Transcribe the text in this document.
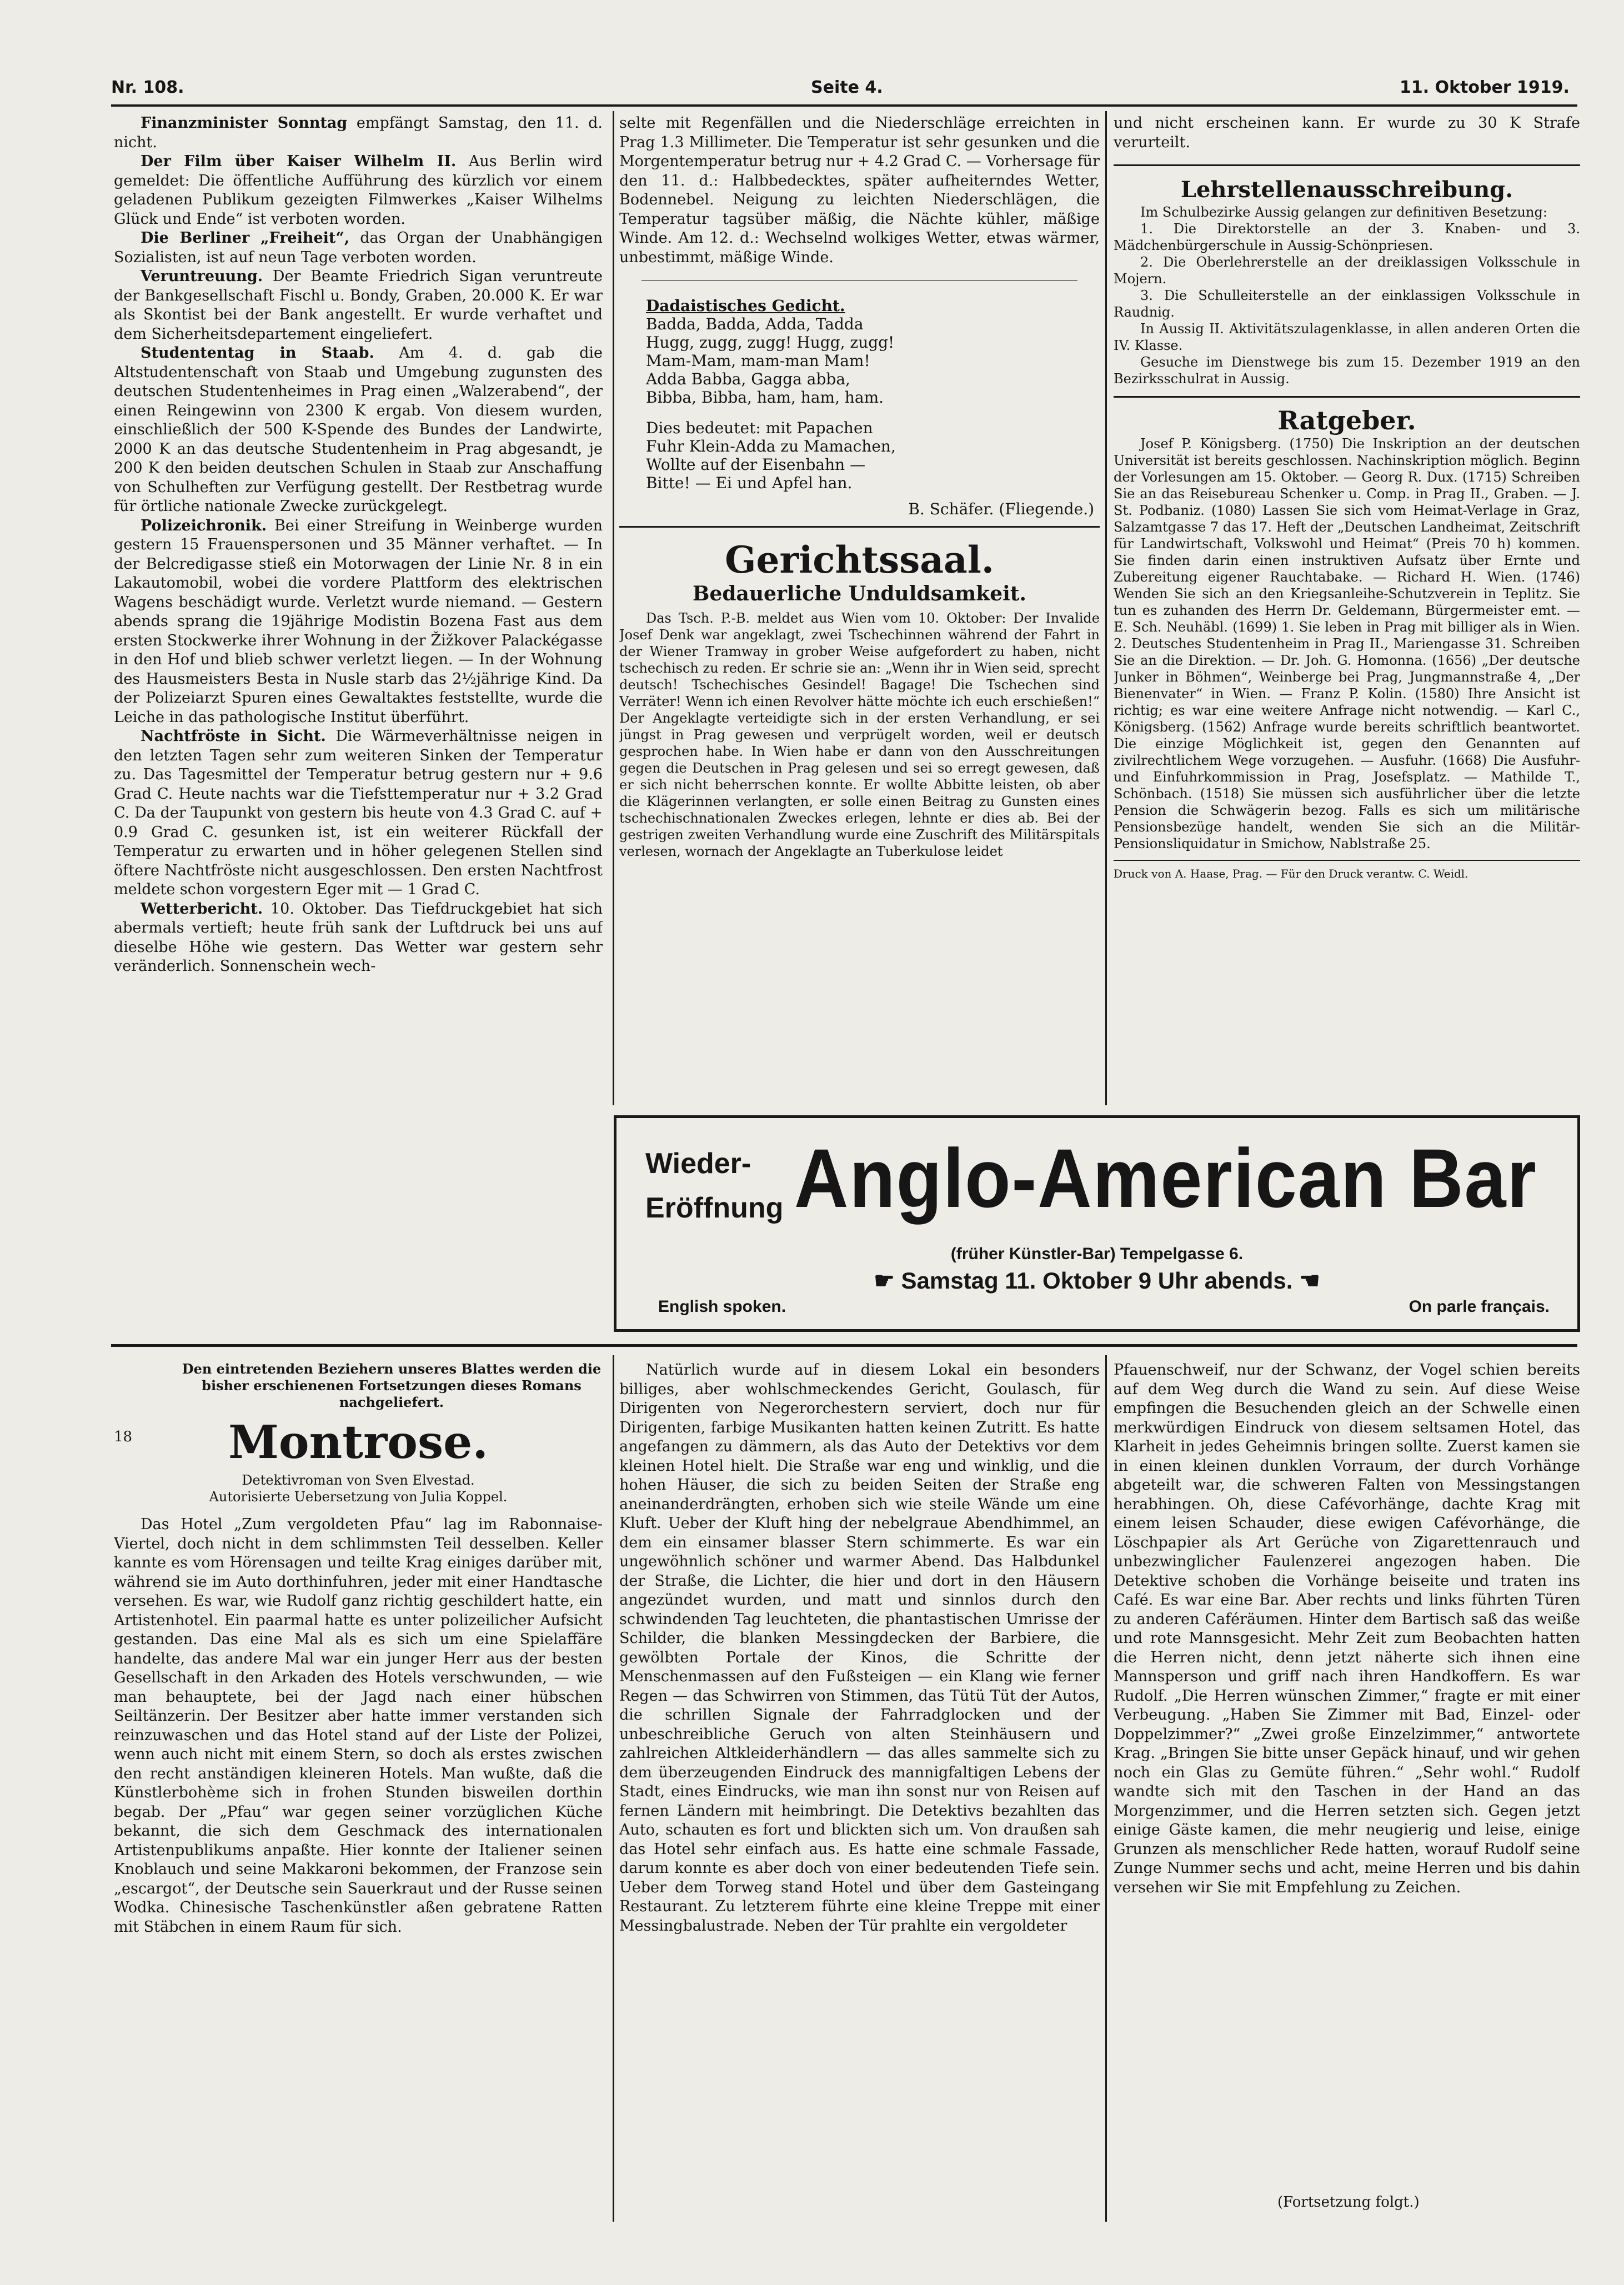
Nr. 108.	Seite 4.	11. Oktober 1919.

Finanzminister Sonntag empfängt Samstag, den 11. d. nicht.

Der Film über Kaiser Wilhelm II. Aus Berlin wird gemeldet: Die öffentliche Aufführung des kürzlich vor einem geladenen Publikum gezeigten Filmwerkes „Kaiser Wilhelms Glück und Ende“ ist verboten worden.

Die Berliner „Freiheit“, das Organ der Unabhängigen Sozialisten, ist auf neun Tage verboten worden.

Veruntreuung. Der Beamte Friedrich Sigan veruntreute der Bankgesellschaft Fischl u. Bondy, Graben, 20.000 K. Er war als Skontist bei der Bank angestellt. Er wurde verhaftet und dem Sicherheitsdepartement eingeliefert.

Studententag in Staab. Am 4. d. gab die Altstudentenschaft von Staab und Umgebung zugunsten des deutschen Studentenheimes in Prag einen „Walzerabend“, der einen Reingewinn von 2300 K ergab. Von diesem wurden, einschließlich der 500 K-Spende des Bundes der Landwirte, 2000 K an das deutsche Studentenheim in Prag abgesandt, je 200 K den beiden deutschen Schulen in Staab zur Anschaffung von Schulheften zur Verfügung gestellt. Der Restbetrag wurde für örtliche nationale Zwecke zurückgelegt.

Polizeichronik. Bei einer Streifung in Weinberge wurden gestern 15 Frauenspersonen und 35 Männer verhaftet. — In der Belcredigasse stieß ein Motorwagen der Linie Nr. 8 in ein Lakautomobil, wobei die vordere Plattform des elektrischen Wagens beschädigt wurde. Verletzt wurde niemand. — Gestern abends sprang die 19jährige Modistin Bozena Fast aus dem ersten Stockwerke ihrer Wohnung in der Žižkover Palackégasse in den Hof und blieb schwer verletzt liegen. — In der Wohnung des Hausmeisters Besta in Nusle starb das 2½jährige Kind. Da der Polizeiarzt Spuren eines Gewaltaktes feststellte, wurde die Leiche in das pathologische Institut überführt.

Nachtfröste in Sicht. Die Wärmeverhältnisse neigen in den letzten Tagen sehr zum weiteren Sinken der Temperatur zu. Das Tagesmittel der Temperatur betrug gestern nur + 9.6 Grad C. Heute nachts war die Tiefsttemperatur nur + 3.2 Grad C. Da der Taupunkt von gestern bis heute von 4.3 Grad C. auf + 0.9 Grad C. gesunken ist, ist ein weiterer Rückfall der Temperatur zu erwarten und in höher gelegenen Stellen sind öftere Nachtfröste nicht ausgeschlossen. Den ersten Nachtfrost meldete schon vorgestern Eger mit — 1 Grad C.

Wetterbericht. 10. Oktober. Das Tiefdruckgebiet hat sich abermals vertieft; heute früh sank der Luftdruck bei uns auf dieselbe Höhe wie gestern. Das Wetter war gestern sehr veränderlich. Sonnenschein wech-

selte mit Regenfällen und die Niederschläge erreichten in Prag 1.3 Millimeter. Die Temperatur ist sehr gesunken und die Morgentemperatur betrug nur + 4.2 Grad C. — Vorhersage für den 11. d.: Halbbedecktes, später aufheiterndes Wetter, Bodennebel. Neigung zu leichten Niederschlägen, die Temperatur tagsüber mäßig, die Nächte kühler, mäßige Winde. Am 12. d.: Wechselnd wolkiges Wetter, etwas wärmer, unbestimmt, mäßige Winde.

Dadaistisches Gedicht.

Badda, Badda, Adda, Tadda

Hugg, zugg, zugg! Hugg, zugg!

Mam-Mam, mam-man Mam!

Adda Babba, Gagga abba,

Bibba, Bibba, ham, ham, ham.

Dies bedeutet: mit Papachen

Fuhr Klein-Adda zu Mamachen,

Wollte auf der Eisenbahn —

Bitte! — Ei und Apfel han.

B. Schäfer. (Fliegende.)

Gerichtssaal.

Bedauerliche Unduldsamkeit.

Das Tsch. P.-B. meldet aus Wien vom 10. Oktober: Der Invalide Josef Denk war angeklagt, zwei Tschechinnen während der Fahrt in der Wiener Tramway in grober Weise aufgefordert zu haben, nicht tschechisch zu reden. Er schrie sie an: „Wenn ihr in Wien seid, sprecht deutsch! Tschechisches Gesindel! Bagage! Die Tschechen sind Verräter! Wenn ich einen Revolver hätte möchte ich euch erschießen!“ Der Angeklagte verteidigte sich in der ersten Verhandlung, er sei jüngst in Prag gewesen und verprügelt worden, weil er deutsch gesprochen habe. In Wien habe er dann von den Ausschreitungen gegen die Deutschen in Prag gelesen und sei so erregt gewesen, daß er sich nicht beherrschen konnte. Er wollte Abbitte leisten, ob aber die Klägerinnen verlangten, er solle einen Beitrag zu Gunsten eines tschechischnationalen Zweckes erlegen, lehnte er dies ab. Bei der gestrigen zweiten Verhandlung wurde eine Zuschrift des Militärspitals verlesen, wornach der Angeklagte an Tuberkulose leidet

und nicht erscheinen kann. Er wurde zu 30 K Strafe verurteilt.

Lehrstellenausschreibung.

Im Schulbezirke Aussig gelangen zur definitiven Besetzung:

1. Die Direktorstelle an der 3. Knaben- und 3. Mädchenbürgerschule in Aussig-Schönpriesen.

2. Die Oberlehrerstelle an der dreiklassigen Volksschule in Mojern.

3. Die Schulleiterstelle an der einklassigen Volksschule in Raudnig.

In Aussig II. Aktivitätszulagenklasse, in allen anderen Orten die IV. Klasse.

Gesuche im Dienstwege bis zum 15. Dezember 1919 an den Bezirksschulrat in Aussig.

Ratgeber.

Josef P. Königsberg. (1750) Die Inskription an der deutschen Universität ist bereits geschlossen. Nachinskription möglich. Beginn der Vorlesungen am 15. Oktober. — Georg R. Dux. (1715) Schreiben Sie an das Reisebureau Schenker u. Comp. in Prag II., Graben. — J. St. Podbaniz. (1080) Lassen Sie sich vom Heimat-Verlage in Graz, Salzamtgasse 7 das 17. Heft der „Deutschen Landheimat, Zeitschrift für Landwirtschaft, Volkswohl und Heimat“ (Preis 70 h) kommen. Sie finden darin einen instruktiven Aufsatz über Ernte und Zubereitung eigener Rauchtabake. — Richard H. Wien. (1746) Wenden Sie sich an den Kriegsanleihe-Schutzverein in Teplitz. Sie tun es zuhanden des Herrn Dr. Geldemann, Bürgermeister emt. — E. Sch. Neuhäbl. (1699) 1. Sie leben in Prag mit billiger als in Wien. 2. Deutsches Studentenheim in Prag II., Mariengasse 31. Schreiben Sie an die Direktion. — Dr. Joh. G. Homonna. (1656) „Der deutsche Junker in Böhmen“, Weinberge bei Prag, Jungmannstraße 4, „Der Bienenvater“ in Wien. — Franz P. Kolin. (1580) Ihre Ansicht ist richtig; es war eine weitere Anfrage nicht notwendig. — Karl C., Königsberg. (1562) Anfrage wurde bereits schriftlich beantwortet. Die einzige Möglichkeit ist, gegen den Genannten auf zivilrechtlichem Wege vorzugehen. — Ausfuhr. (1668) Die Ausfuhr- und Einfuhrkommission in Prag, Josefsplatz. — Mathilde T., Schönbach. (1518) Sie müssen sich ausführlicher über die letzte Pension die Schwägerin bezog. Falls es sich um militärische Pensionsbezüge handelt, wenden Sie sich an die Militär-Pensionsliquidatur in Smichow, Nablstraße 25.

Druck von A. Haase, Prag. — Für den Druck verantw. C. Weidl.

Wieder-
Eröffnung Anglo-American Bar
(früher Künstler-Bar) Tempelgasse 6.
☛ Samstag 11. Oktober 9 Uhr abends. ☚
English spoken.	On parle français.

Den eintretenden Beziehern unseres Blattes werden die bisher erschienenen Fortsetzungen dieses Romans nachgeliefert.

18	Montrose.

Detektivroman von Sven Elvestad.

Autorisierte Uebersetzung von Julia Koppel.

Das Hotel „Zum vergoldeten Pfau“ lag im Rabonnaise-Viertel, doch nicht in dem schlimmsten Teil desselben. Keller kannte es vom Hörensagen und teilte Krag einiges darüber mit, während sie im Auto dorthinfuhren, jeder mit einer Handtasche versehen. Es war, wie Rudolf ganz richtig geschildert hatte, ein Artistenhotel. Ein paarmal hatte es unter polizeilicher Aufsicht gestanden. Das eine Mal als es sich um eine Spielaffäre handelte, das andere Mal war ein junger Herr aus der besten Gesellschaft in den Arkaden des Hotels verschwunden, — wie man behauptete, bei der Jagd nach einer hübschen Seiltänzerin. Der Besitzer aber hatte immer verstanden sich reinzuwaschen und das Hotel stand auf der Liste der Polizei, wenn auch nicht mit einem Stern, so doch als erstes zwischen den recht anständigen kleineren Hotels. Man wußte, daß die Künstlerbohème sich in frohen Stunden bisweilen dorthin begab. Der „Pfau“ war gegen seiner vorzüglichen Küche bekannt, die sich dem Geschmack des internationalen Artistenpublikums anpaßte. Hier konnte der Italiener seinen Knoblauch und seine Makkaroni bekommen, der Franzose sein „escargot“, der Deutsche sein Sauerkraut und der Russe seinen Wodka. Chinesische Taschenkünstler aßen gebratene Ratten mit Stäbchen in einem Raum für sich.

Natürlich wurde auf in diesem Lokal ein besonders billiges, aber wohlschmeckendes Gericht, Goulasch, für Dirigenten von Negerorchestern serviert, doch nur für Dirigenten, farbige Musikanten hatten keinen Zutritt. Es hatte angefangen zu dämmern, als das Auto der Detektivs vor dem kleinen Hotel hielt. Die Straße war eng und winklig, und die hohen Häuser, die sich zu beiden Seiten der Straße eng aneinanderdrängten, erhoben sich wie steile Wände um eine Kluft. Ueber der Kluft hing der nebelgraue Abendhimmel, an dem ein einsamer blasser Stern schimmerte. Es war ein ungewöhnlich schöner und warmer Abend. Das Halbdunkel der Straße, die Lichter, die hier und dort in den Häusern angezündet wurden, und matt und sinnlos durch den schwindenden Tag leuchteten, die phantastischen Umrisse der Schilder, die blanken Messingdecken der Barbiere, die gewölbten Portale der Kinos, die Schritte der Menschenmassen auf den Fußsteigen — ein Klang wie ferner Regen — das Schwirren von Stimmen, das Tütü Tüt der Autos, die schrillen Signale der Fahrradglocken und der unbeschreibliche Geruch von alten Steinhäusern und zahlreichen Altkleiderhändlern — das alles sammelte sich zu dem überzeugenden Eindruck des mannigfaltigen Lebens der Stadt, eines Eindrucks, wie man ihn sonst nur von Reisen auf fernen Ländern mit heimbringt. Die Detektivs bezahlten das Auto, schauten es fort und blickten sich um. Von draußen sah das Hotel sehr einfach aus. Es hatte eine schmale Fassade, darum konnte es aber doch von einer bedeutenden Tiefe sein. Ueber dem Torweg stand Hotel und über dem Gasteingang Restaurant. Zu letzterem führte eine kleine Treppe mit einer Messingbalustrade. Neben der Tür prahlte ein vergoldeter

Pfauenschweif, nur der Schwanz, der Vogel schien bereits auf dem Weg durch die Wand zu sein. Auf diese Weise empfingen die Besuchenden gleich an der Schwelle einen merkwürdigen Eindruck von diesem seltsamen Hotel, das Klarheit in jedes Geheimnis bringen sollte. Zuerst kamen sie in einen kleinen dunklen Vorraum, der durch Vorhänge abgeteilt war, die schweren Falten von Messingstangen herabhingen. Oh, diese Cafévorhänge, dachte Krag mit einem leisen Schauder, diese ewigen Cafévorhänge, die Löschpapier als Art Gerüche von Zigarettenrauch und unbezwinglicher Faulenzerei angezogen haben. Die Detektive schoben die Vorhänge beiseite und traten ins Café. Es war eine Bar. Aber rechts und links führten Türen zu anderen Caféräumen. Hinter dem Bartisch saß das weiße und rote Mannsgesicht. Mehr Zeit zum Beobachten hatten die Herren nicht, denn jetzt näherte sich ihnen eine Mannsperson und griff nach ihren Handkoffern. Es war Rudolf. „Die Herren wünschen Zimmer,“ fragte er mit einer Verbeugung. „Haben Sie Zimmer mit Bad, Einzel- oder Doppelzimmer?“ „Zwei große Einzelzimmer,“ antwortete Krag. „Bringen Sie bitte unser Gepäck hinauf, und wir gehen noch ein Glas zu Gemüte führen.“ „Sehr wohl.“ Rudolf wandte sich mit den Taschen in der Hand an das Morgenzimmer, und die Herren setzten sich. Gegen jetzt einige Gäste kamen, die mehr neugierig und leise, einige Grunzen als menschlicher Rede hatten, worauf Rudolf seine Zunge Nummer sechs und acht, meine Herren und bis dahin versehen wir Sie mit Empfehlung zu Zeichen.

(Fortsetzung folgt.)
